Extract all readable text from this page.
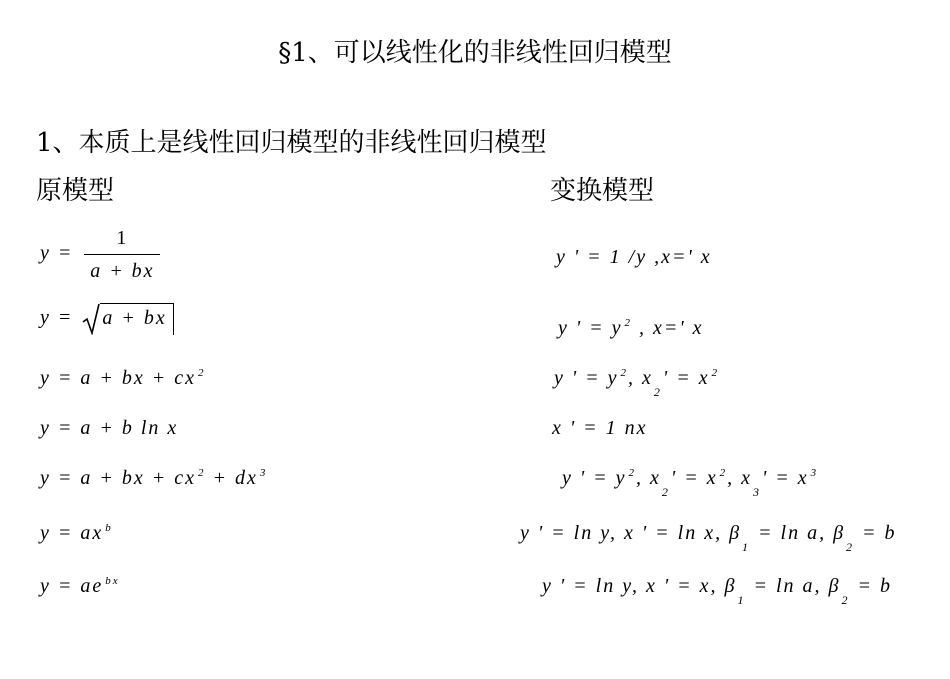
§1、可以线性化的非线性回归模型
1、本质上是线性回归模型的非线性回归模型
原模型	变换模型
$y = \frac{1}{a + bx}$
y = a + bx
y = a + bx + cx $^2$
y = a + b ln x
y = a + bx + cx $^2$ + dx $^3$
y = ax $^b$
y = ae $^{bx}$
y ' = 1 /y ,x=' x
y ' = y $^2$ , x=' x
y ' = y $^2$, $x_2' = x$ $^2$
x ' = 1 nx
y ' = y $^2$, $x_2' = x$ $^2$, $x_3' = x$ $^3$
y ' = ln y, x ' = ln x, $\beta_1 = \ln a$, $\beta_2 = b$
y ' = ln y, x ' = x, $\beta_1 = \ln a$, $\beta_2 = b$
